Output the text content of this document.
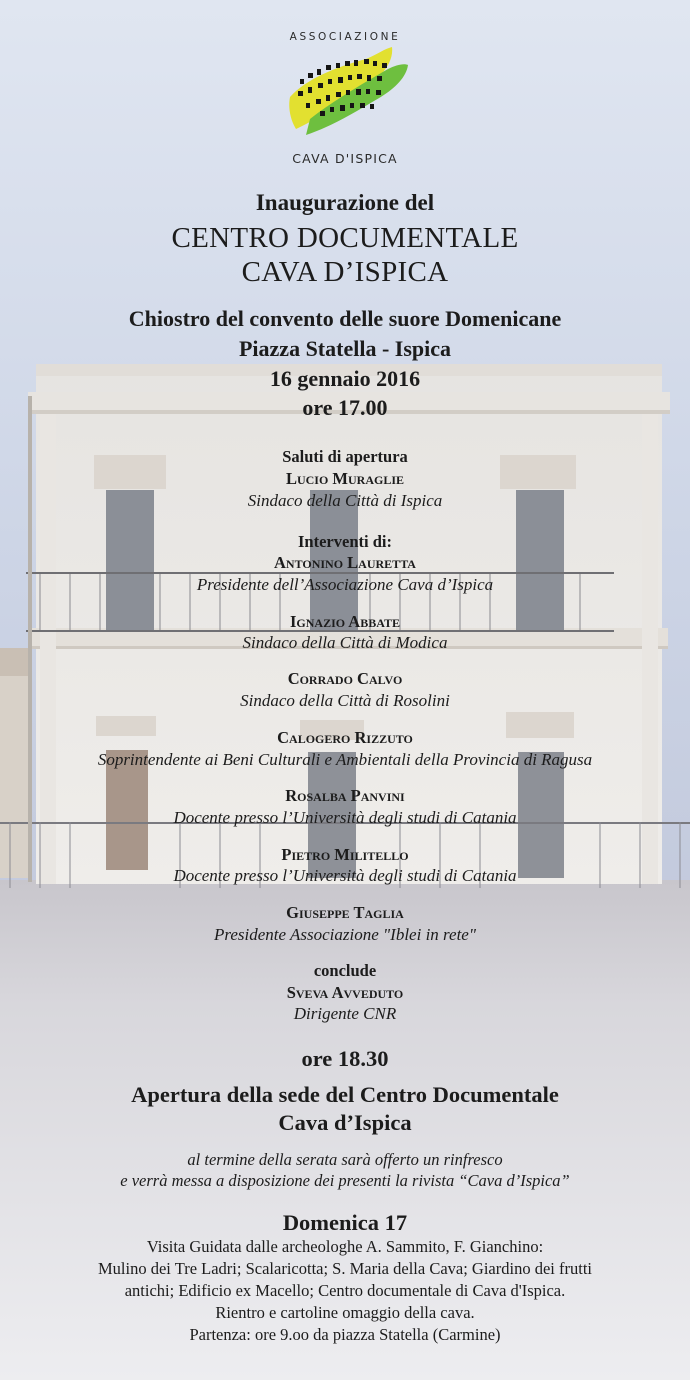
ASSOCIAZIONE
CAVA D'ISPICA
Inaugurazione del
CENTRO DOCUMENTALE
CAVA D’ISPICA
Chiostro del convento delle suore Domenicane
Piazza Statella - Ispica
16 gennaio 2016
ore 17.00
Saluti di apertura
Lucio Muraglie
Sindaco della Città di Ispica
Interventi di:
Antonino Lauretta
Presidente dell’Associazione Cava d’Ispica
Ignazio Abbate
Sindaco della Città di Modica
Corrado Calvo
Sindaco della Città di Rosolini
Calogero Rizzuto
Soprintendente ai Beni Culturali e Ambientali della Provincia di Ragusa
Rosalba Panvini
Docente presso l’Università degli studi di Catania
Pietro Militello
Docente presso l’Università degli studi di Catania
Giuseppe Taglia
Presidente Associazione "Iblei in rete"
conclude
Sveva Avveduto
Dirigente CNR
ore 18.30
Apertura della sede del Centro Documentale
Cava d’Ispica
al termine della serata sarà offerto un rinfresco
e verrà messa a disposizione dei presenti la rivista “Cava d’Ispica”
Domenica 17
Visita Guidata dalle archeologhe A. Sammito, F. Gianchino:
Mulino dei Tre Ladri; Scalaricotta; S. Maria della Cava; Giardino dei frutti
antichi; Edificio ex Macello; Centro documentale di Cava d'Ispica.
Rientro e cartoline omaggio della cava.
Partenza: ore 9.oo da piazza Statella (Carmine)
